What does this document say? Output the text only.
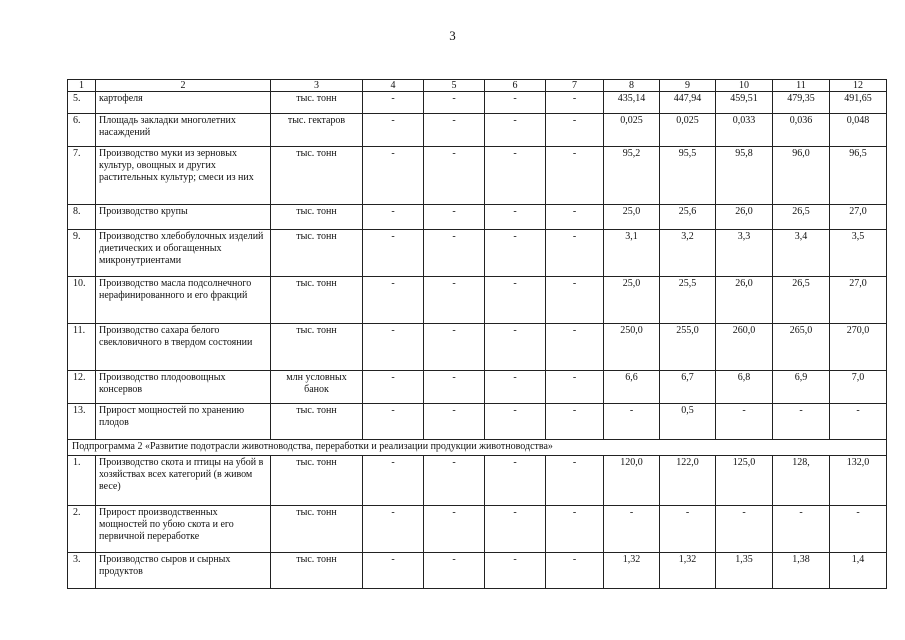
3
1	2	3	4	5	6	7	8	9	10	11	12
5.	картофеля	тыс. тонн	-	-	-	-	435,14	447,94	459,51	479,35	491,65
6.	Площадь закладки многолетних насаждений	тыс. гектаров	-	-	-	-	0,025	0,025	0,033	0,036	0,048
7.	Производство муки из зерновых культур, овощных и других растительных культур; смеси из них	тыс. тонн	-	-	-	-	95,2	95,5	95,8	96,0	96,5
8.	Производство крупы	тыс. тонн	-	-	-	-	25,0	25,6	26,0	26,5	27,0
9.	Производство хлебобулочных изделий диетических и обогащенных микронутриентами	тыс. тонн	-	-	-	-	3,1	3,2	3,3	3,4	3,5
10.	Производство масла подсолнечного нерафинированного и его фракций	тыс. тонн	-	-	-	-	25,0	25,5	26,0	26,5	27,0
11.	Производство сахара белого свекловичного в твердом состоянии	тыс. тонн	-	-	-	-	250,0	255,0	260,0	265,0	270,0
12.	Производство плодоовощных консервов	млн условных банок	-	-	-	-	6,6	6,7	6,8	6,9	7,0
13.	Прирост мощностей по хранению плодов	тыс. тонн	-	-	-	-	-	0,5	-	-	-
Подпрограмма 2 «Развитие подотрасли животноводства, переработки и реализации продукции животноводства»											
1.	Производство скота и птицы на убой в хозяйствах всех категорий (в живом весе)	тыс. тонн	-	-	-	-	120,0	122,0	125,0	128,	132,0
2.	Прирост производственных мощностей по убою скота и его первичной переработке	тыс. тонн	-	-	-	-	-	-	-	-	-
3.	Производство сыров и сырных продуктов	тыс. тонн	-	-	-	-	1,32	1,32	1,35	1,38	1,4
